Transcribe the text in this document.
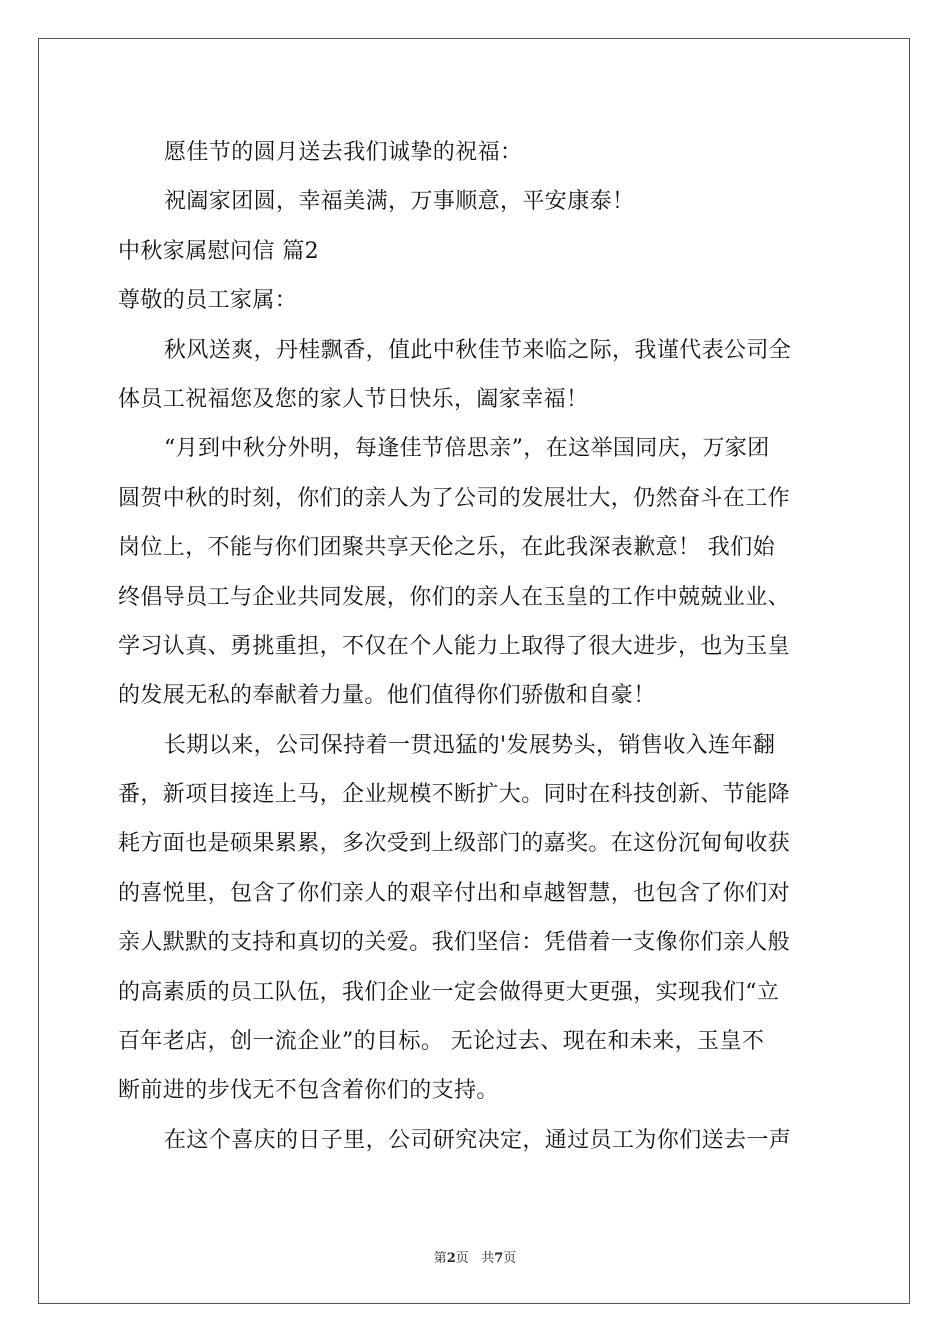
愿佳节的圆月送去我们诚挚的祝福：
祝阖家团圆，幸福美满，万事顺意，平安康泰！
中秋家属慰问信 篇2
尊敬的员工家属：
秋风送爽，丹桂飘香，值此中秋佳节来临之际，我谨代表公司全
体员工祝福您及您的家人节日快乐，阖家幸福！
“月到中秋分外明，每逢佳节倍思亲”，在这举国同庆，万家团
圆贺中秋的时刻，你们的亲人为了公司的发展壮大，仍然奋斗在工作
岗位上，不能与你们团聚共享天伦之乐，在此我深表歉意！ 我们始
终倡导员工与企业共同发展，你们的亲人在玉皇的工作中兢兢业业、
学习认真、勇挑重担，不仅在个人能力上取得了很大进步，也为玉皇
的发展无私的奉献着力量。他们值得你们骄傲和自豪！
长期以来，公司保持着一贯迅猛的'发展势头，销售收入连年翻
番，新项目接连上马，企业规模不断扩大。同时在科技创新、节能降
耗方面也是硕果累累，多次受到上级部门的嘉奖。在这份沉甸甸收获
的喜悦里，包含了你们亲人的艰辛付出和卓越智慧，也包含了你们对
亲人默默的支持和真切的关爱。我们坚信：凭借着一支像你们亲人般
的高素质的员工队伍，我们企业一定会做得更大更强，实现我们“立
百年老店，创一流企业”的目标。 无论过去、现在和未来，玉皇不
断前进的步伐无不包含着你们的支持。
在这个喜庆的日子里，公司研究决定，通过员工为你们送去一声
第2页 共7页
